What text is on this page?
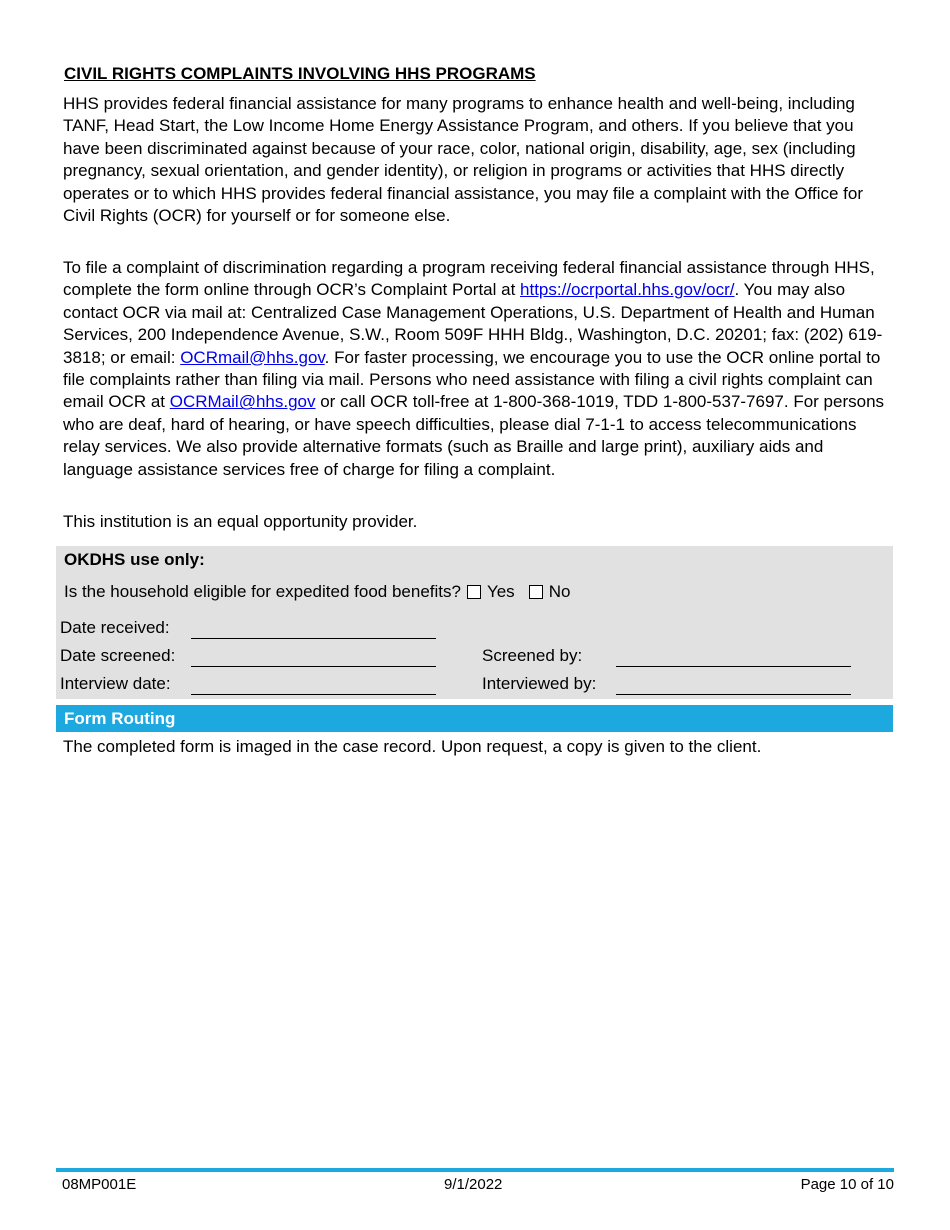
CIVIL RIGHTS COMPLAINTS INVOLVING HHS PROGRAMS

HHS provides federal financial assistance for many programs to enhance health and well-being, including TANF, Head Start, the Low Income Home Energy Assistance Program, and others. If you believe that you have been discriminated against because of your race, color, national origin, disability, age, sex (including pregnancy, sexual orientation, and gender identity), or religion in programs or activities that HHS directly operates or to which HHS provides federal financial assistance, you may file a complaint with the Office for Civil Rights (OCR) for yourself or for someone else.

To file a complaint of discrimination regarding a program receiving federal financial assistance through HHS, complete the form online through OCR’s Complaint Portal at https://ocrportal.hhs.gov/ocr/. You may also contact OCR via mail at: Centralized Case Management Operations, U.S. Department of Health and Human Services, 200 Independence Avenue, S.W., Room 509F HHH Bldg., Washington, D.C. 20201; fax: (202) 619-3818; or email: OCRmail@hhs.gov. For faster processing, we encourage you to use the OCR online portal to file complaints rather than filing via mail. Persons who need assistance with filing a civil rights complaint can email OCR at OCRMail@hhs.gov or call OCR toll-free at 1-800-368-1019, TDD 1-800-537-7697. For persons who are deaf, hard of hearing, or have speech difficulties, please dial 7-1-1 to access telecommunications relay services. We also provide alternative formats (such as Braille and large print), auxiliary aids and language assistance services free of charge for filing a complaint.

This institution is an equal opportunity provider.

OKDHS use only:
Is the household eligible for expedited food benefits? Yes No
Date received:
Date screened:
Interview date:
Screened by:
Interviewed by:
Form Routing
The completed form is imaged in the case record. Upon request, a copy is given to the client.
08MP001E	9/1/2022	Page 10 of 10
